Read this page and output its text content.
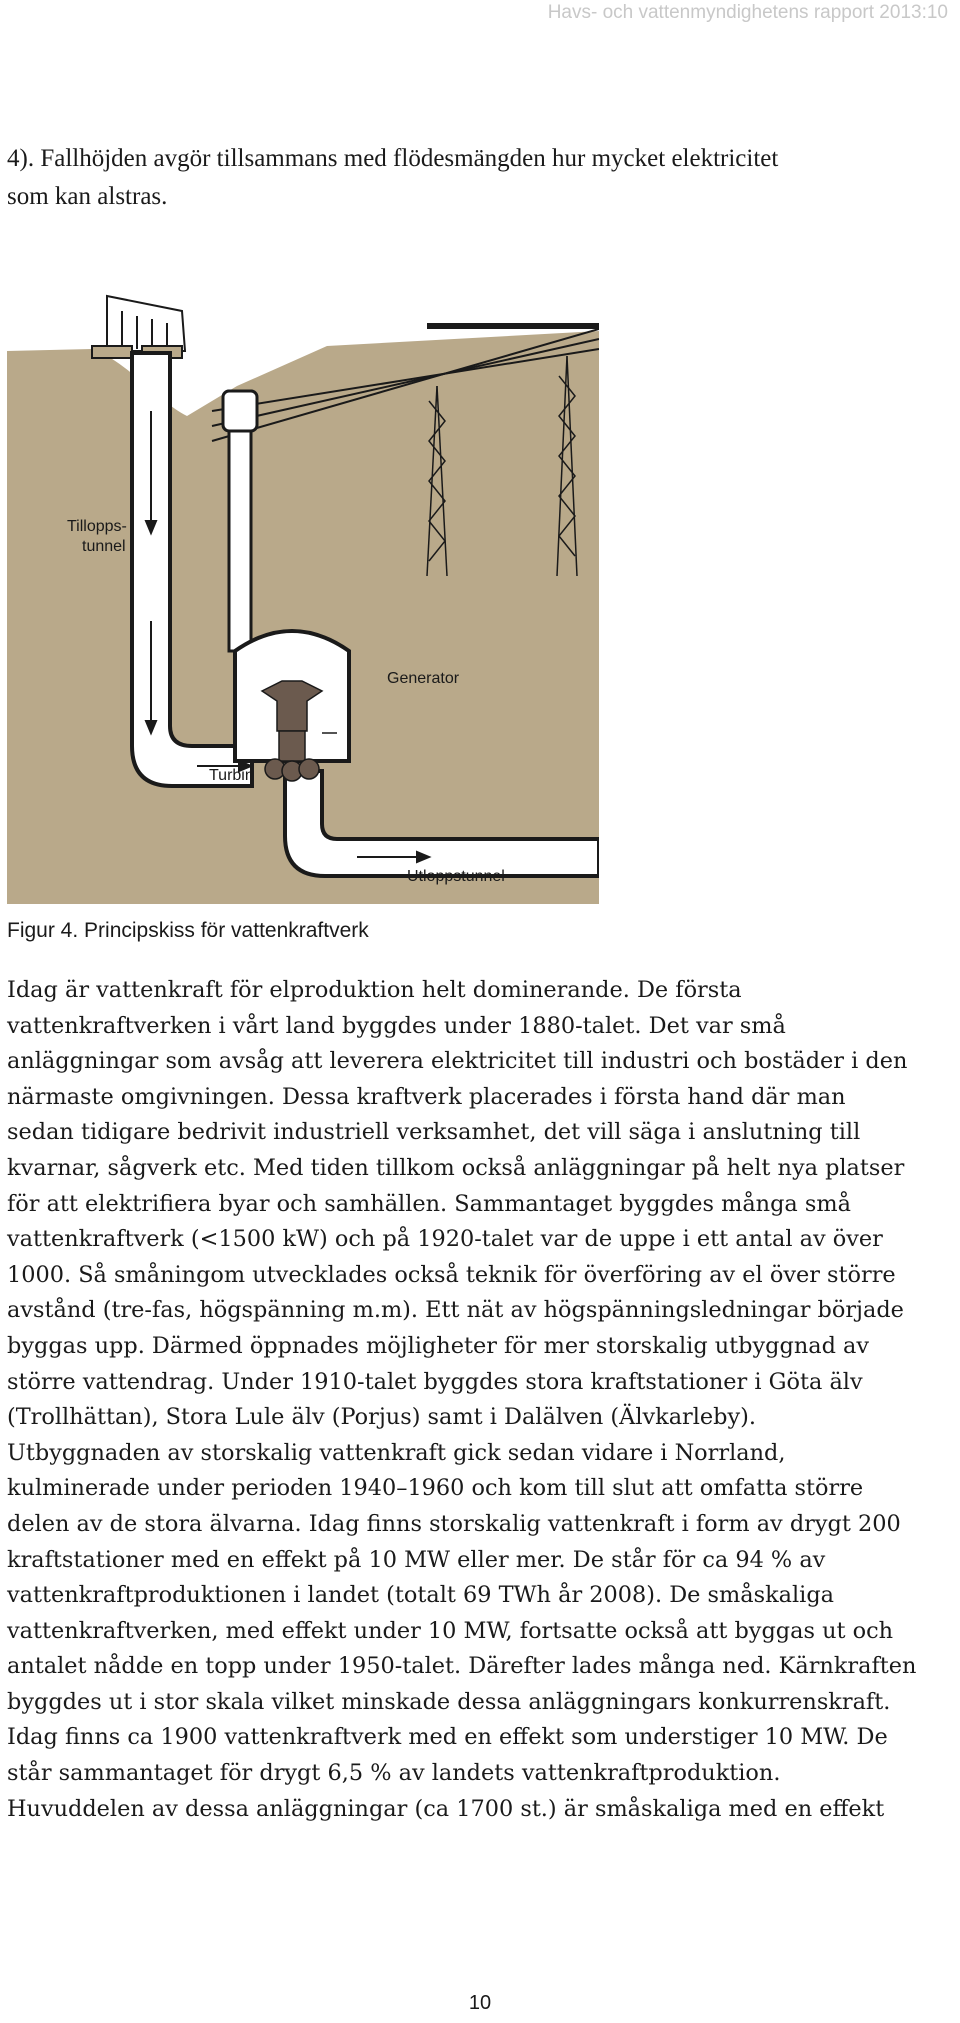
Havs- och vattenmyndighetens rapport 2013:10
4). Fallhöjden avgör tillsammans med flödesmängden hur mycket elektricitet
som kan alstras.
Tillopps-
tunnel
Generator
Turbin
Utloppstunnel
Figur 4. Principskiss för vattenkraftverk
Idag är vattenkraft för elproduktion helt dominerande. De första
vattenkraftverken i vårt land byggdes under 1880-talet. Det var små
anläggningar som avsåg att leverera elektricitet till industri och bostäder i den
närmaste omgivningen. Dessa kraftverk placerades i första hand där man
sedan tidigare bedrivit industriell verksamhet, det vill säga i anslutning till
kvarnar, sågverk etc. Med tiden tillkom också anläggningar på helt nya platser
för att elektrifiera byar och samhällen. Sammantaget byggdes många små
vattenkraftverk (<1500 kW) och på 1920-talet var de uppe i ett antal av över
1000. Så småningom utvecklades också teknik för överföring av el över större
avstånd (tre-fas, högspänning m.m). Ett nät av högspänningsledningar började
byggas upp. Därmed öppnades möjligheter för mer storskalig utbyggnad av
större vattendrag. Under 1910-talet byggdes stora kraftstationer i Göta älv
(Trollhättan), Stora Lule älv (Porjus) samt i Dalälven (Älvkarleby).
Utbyggnaden av storskalig vattenkraft gick sedan vidare i Norrland,
kulminerade under perioden 1940–1960 och kom till slut att omfatta större
delen av de stora älvarna. Idag finns storskalig vattenkraft i form av drygt 200
kraftstationer med en effekt på 10 MW eller mer. De står för ca 94 % av
vattenkraftproduktionen i landet (totalt 69 TWh år 2008). De småskaliga
vattenkraftverken, med effekt under 10 MW, fortsatte också att byggas ut och
antalet nådde en topp under 1950-talet. Därefter lades många ned. Kärnkraften
byggdes ut i stor skala vilket minskade dessa anläggningars konkurrenskraft.
Idag finns ca 1900 vattenkraftverk med en effekt som understiger 10 MW. De
står sammantaget för drygt 6,5 % av landets vattenkraftproduktion.
Huvuddelen av dessa anläggningar (ca 1700 st.) är småskaliga med en effekt
10
